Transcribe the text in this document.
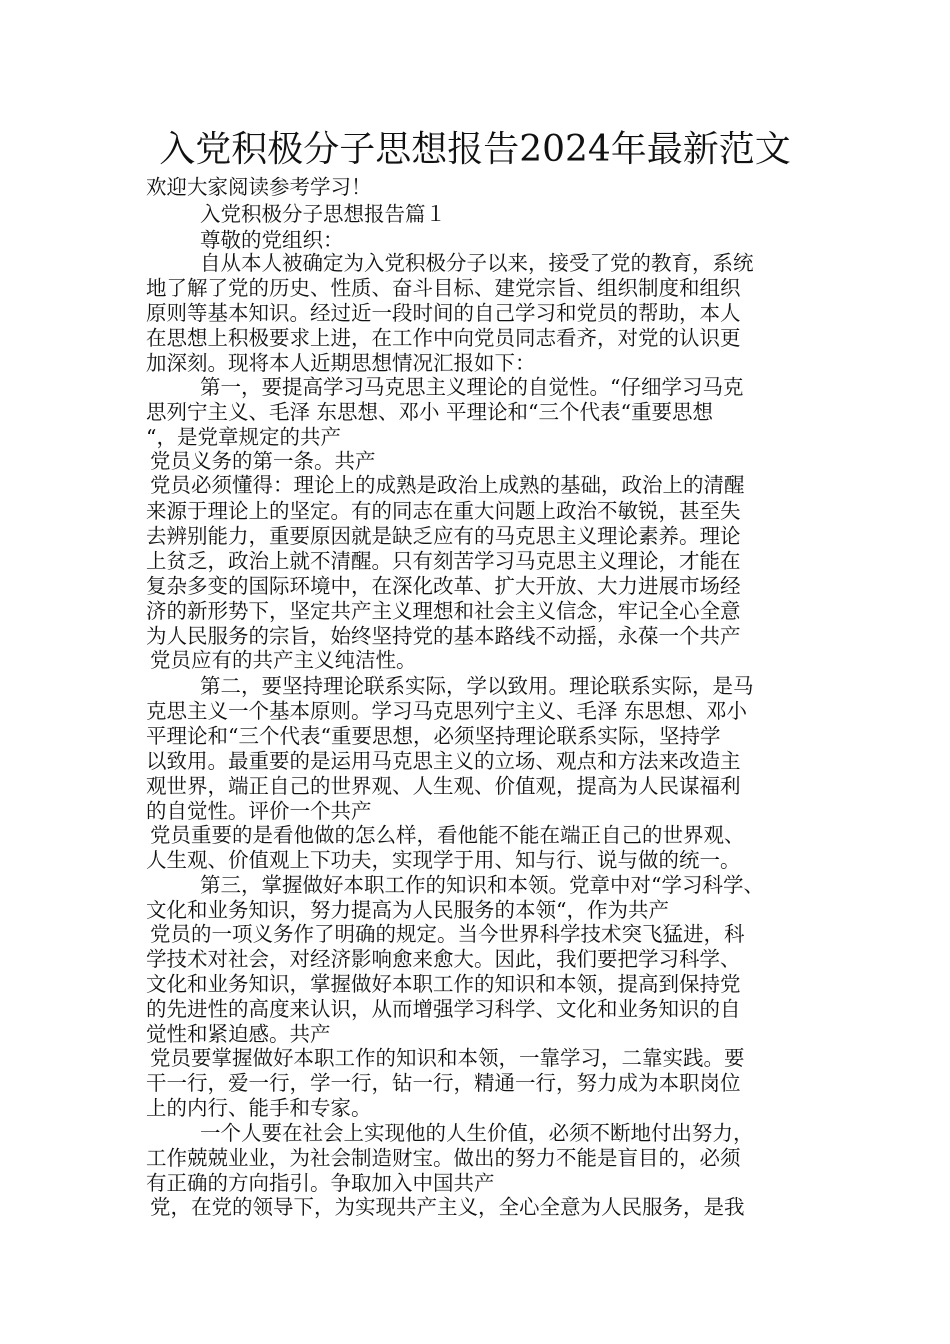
入党积极分子思想报告2024年最新范文
欢迎大家阅读参考学习！
入党积极分子思想报告篇１
尊敬的党组织：
自从本人被确定为入党积极分子以来，接受了党的教育，系统
地了解了党的历史、性质、奋斗目标、建党宗旨、组织制度和组织
原则等基本知识。经过近一段时间的自己学习和党员的帮助，本人
在思想上积极要求上进，在工作中向党员同志看齐，对党的认识更
加深刻。现将本人近期思想情况汇报如下：
第一，要提高学习马克思主义理论的自觉性。“仔细学习马克
思列宁主义、毛泽 东思想、邓小 平理论和“三个代表“重要思想
“，是党章规定的共产
党员义务的第一条。共产
党员必须懂得：理论上的成熟是政治上成熟的基础，政治上的清醒
来源于理论上的坚定。有的同志在重大问题上政治不敏锐，甚至失
去辨别能力，重要原因就是缺乏应有的马克思主义理论素养。理论
上贫乏，政治上就不清醒。只有刻苦学习马克思主义理论，才能在
复杂多变的国际环境中，在深化改革、扩大开放、大力进展市场经
济的新形势下，坚定共产主义理想和社会主义信念，牢记全心全意
为人民服务的宗旨，始终坚持党的基本路线不动摇，永葆一个共产
党员应有的共产主义纯洁性。
第二，要坚持理论联系实际，学以致用。理论联系实际，是马
克思主义一个基本原则。学习马克思列宁主义、毛泽 东思想、邓小
平理论和“三个代表“重要思想，必须坚持理论联系实际，坚持学
以致用。最重要的是运用马克思主义的立场、观点和方法来改造主
观世界，端正自己的世界观、人生观、价值观，提高为人民谋福利
的自觉性。评价一个共产
党员重要的是看他做的怎么样，看他能不能在端正自己的世界观、
人生观、价值观上下功夫，实现学于用、知与行、说与做的统一。
第三，掌握做好本职工作的知识和本领。党章中对“学习科学、
文化和业务知识，努力提高为人民服务的本领“，作为共产
党员的一项义务作了明确的规定。当今世界科学技术突飞猛进，科
学技术对社会，对经济影响愈来愈大。因此，我们要把学习科学、
文化和业务知识，掌握做好本职工作的知识和本领，提高到保持党
的先进性的高度来认识，从而增强学习科学、文化和业务知识的自
觉性和紧迫感。共产
党员要掌握做好本职工作的知识和本领，一靠学习，二靠实践。要
干一行，爱一行，学一行，钻一行，精通一行，努力成为本职岗位
上的内行、能手和专家。
一个人要在社会上实现他的人生价值，必须不断地付出努力，
工作兢兢业业，为社会制造财宝。做出的努力不能是盲目的，必须
有正确的方向指引。争取加入中国共产
党，在党的领导下，为实现共产主义，全心全意为人民服务，是我
